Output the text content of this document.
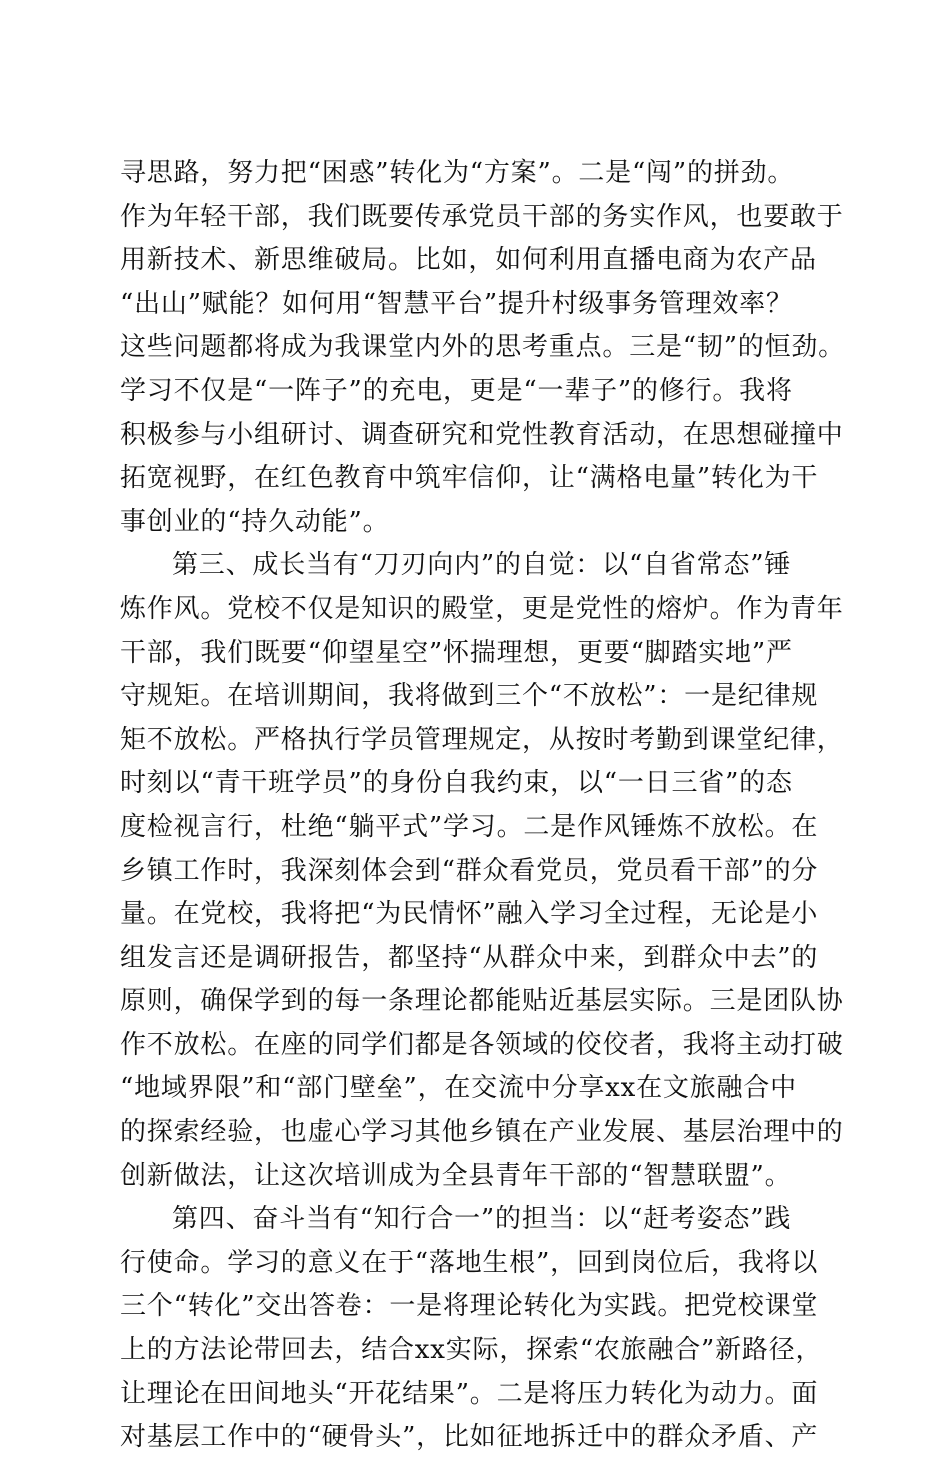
寻思路，努力把“困惑”转化为“方案”。二是“闯”的拼劲。
作为年轻干部，我们既要传承党员干部的务实作风，也要敢于
用新技术、新思维破局。比如，如何利用直播电商为农产品
“出山”赋能？如何用“智慧平台”提升村级事务管理效率？
这些问题都将成为我课堂内外的思考重点。三是“韧”的恒劲。
学习不仅是“一阵子”的充电，更是“一辈子”的修行。我将
积极参与小组研讨、调查研究和党性教育活动，在思想碰撞中
拓宽视野，在红色教育中筑牢信仰，让“满格电量”转化为干
事创业的“持久动能”。
第三、成长当有“刀刃向内”的自觉：以“自省常态”锤
炼作风。党校不仅是知识的殿堂，更是党性的熔炉。作为青年
干部，我们既要“仰望星空”怀揣理想，更要“脚踏实地”严
守规矩。在培训期间，我将做到三个“不放松”：一是纪律规
矩不放松。严格执行学员管理规定，从按时考勤到课堂纪律，
时刻以“青干班学员”的身份自我约束，以“一日三省”的态
度检视言行，杜绝“躺平式”学习。二是作风锤炼不放松。在
乡镇工作时，我深刻体会到“群众看党员，党员看干部”的分
量。在党校，我将把“为民情怀”融入学习全过程，无论是小
组发言还是调研报告，都坚持“从群众中来，到群众中去”的
原则，确保学到的每一条理论都能贴近基层实际。三是团队协
作不放松。在座的同学们都是各领域的佼佼者，我将主动打破
“地域界限”和“部门壁垒”，在交流中分享xx在文旅融合中
的探索经验，也虚心学习其他乡镇在产业发展、基层治理中的
创新做法，让这次培训成为全县青年干部的“智慧联盟”。
第四、奋斗当有“知行合一”的担当：以“赶考姿态”践
行使命。学习的意义在于“落地生根”，回到岗位后，我将以
三个“转化”交出答卷：一是将理论转化为实践。把党校课堂
上的方法论带回去，结合xx实际，探索“农旅融合”新路径，
让理论在田间地头“开花结果”。二是将压力转化为动力。面
对基层工作中的“硬骨头”，比如征地拆迁中的群众矛盾、产
